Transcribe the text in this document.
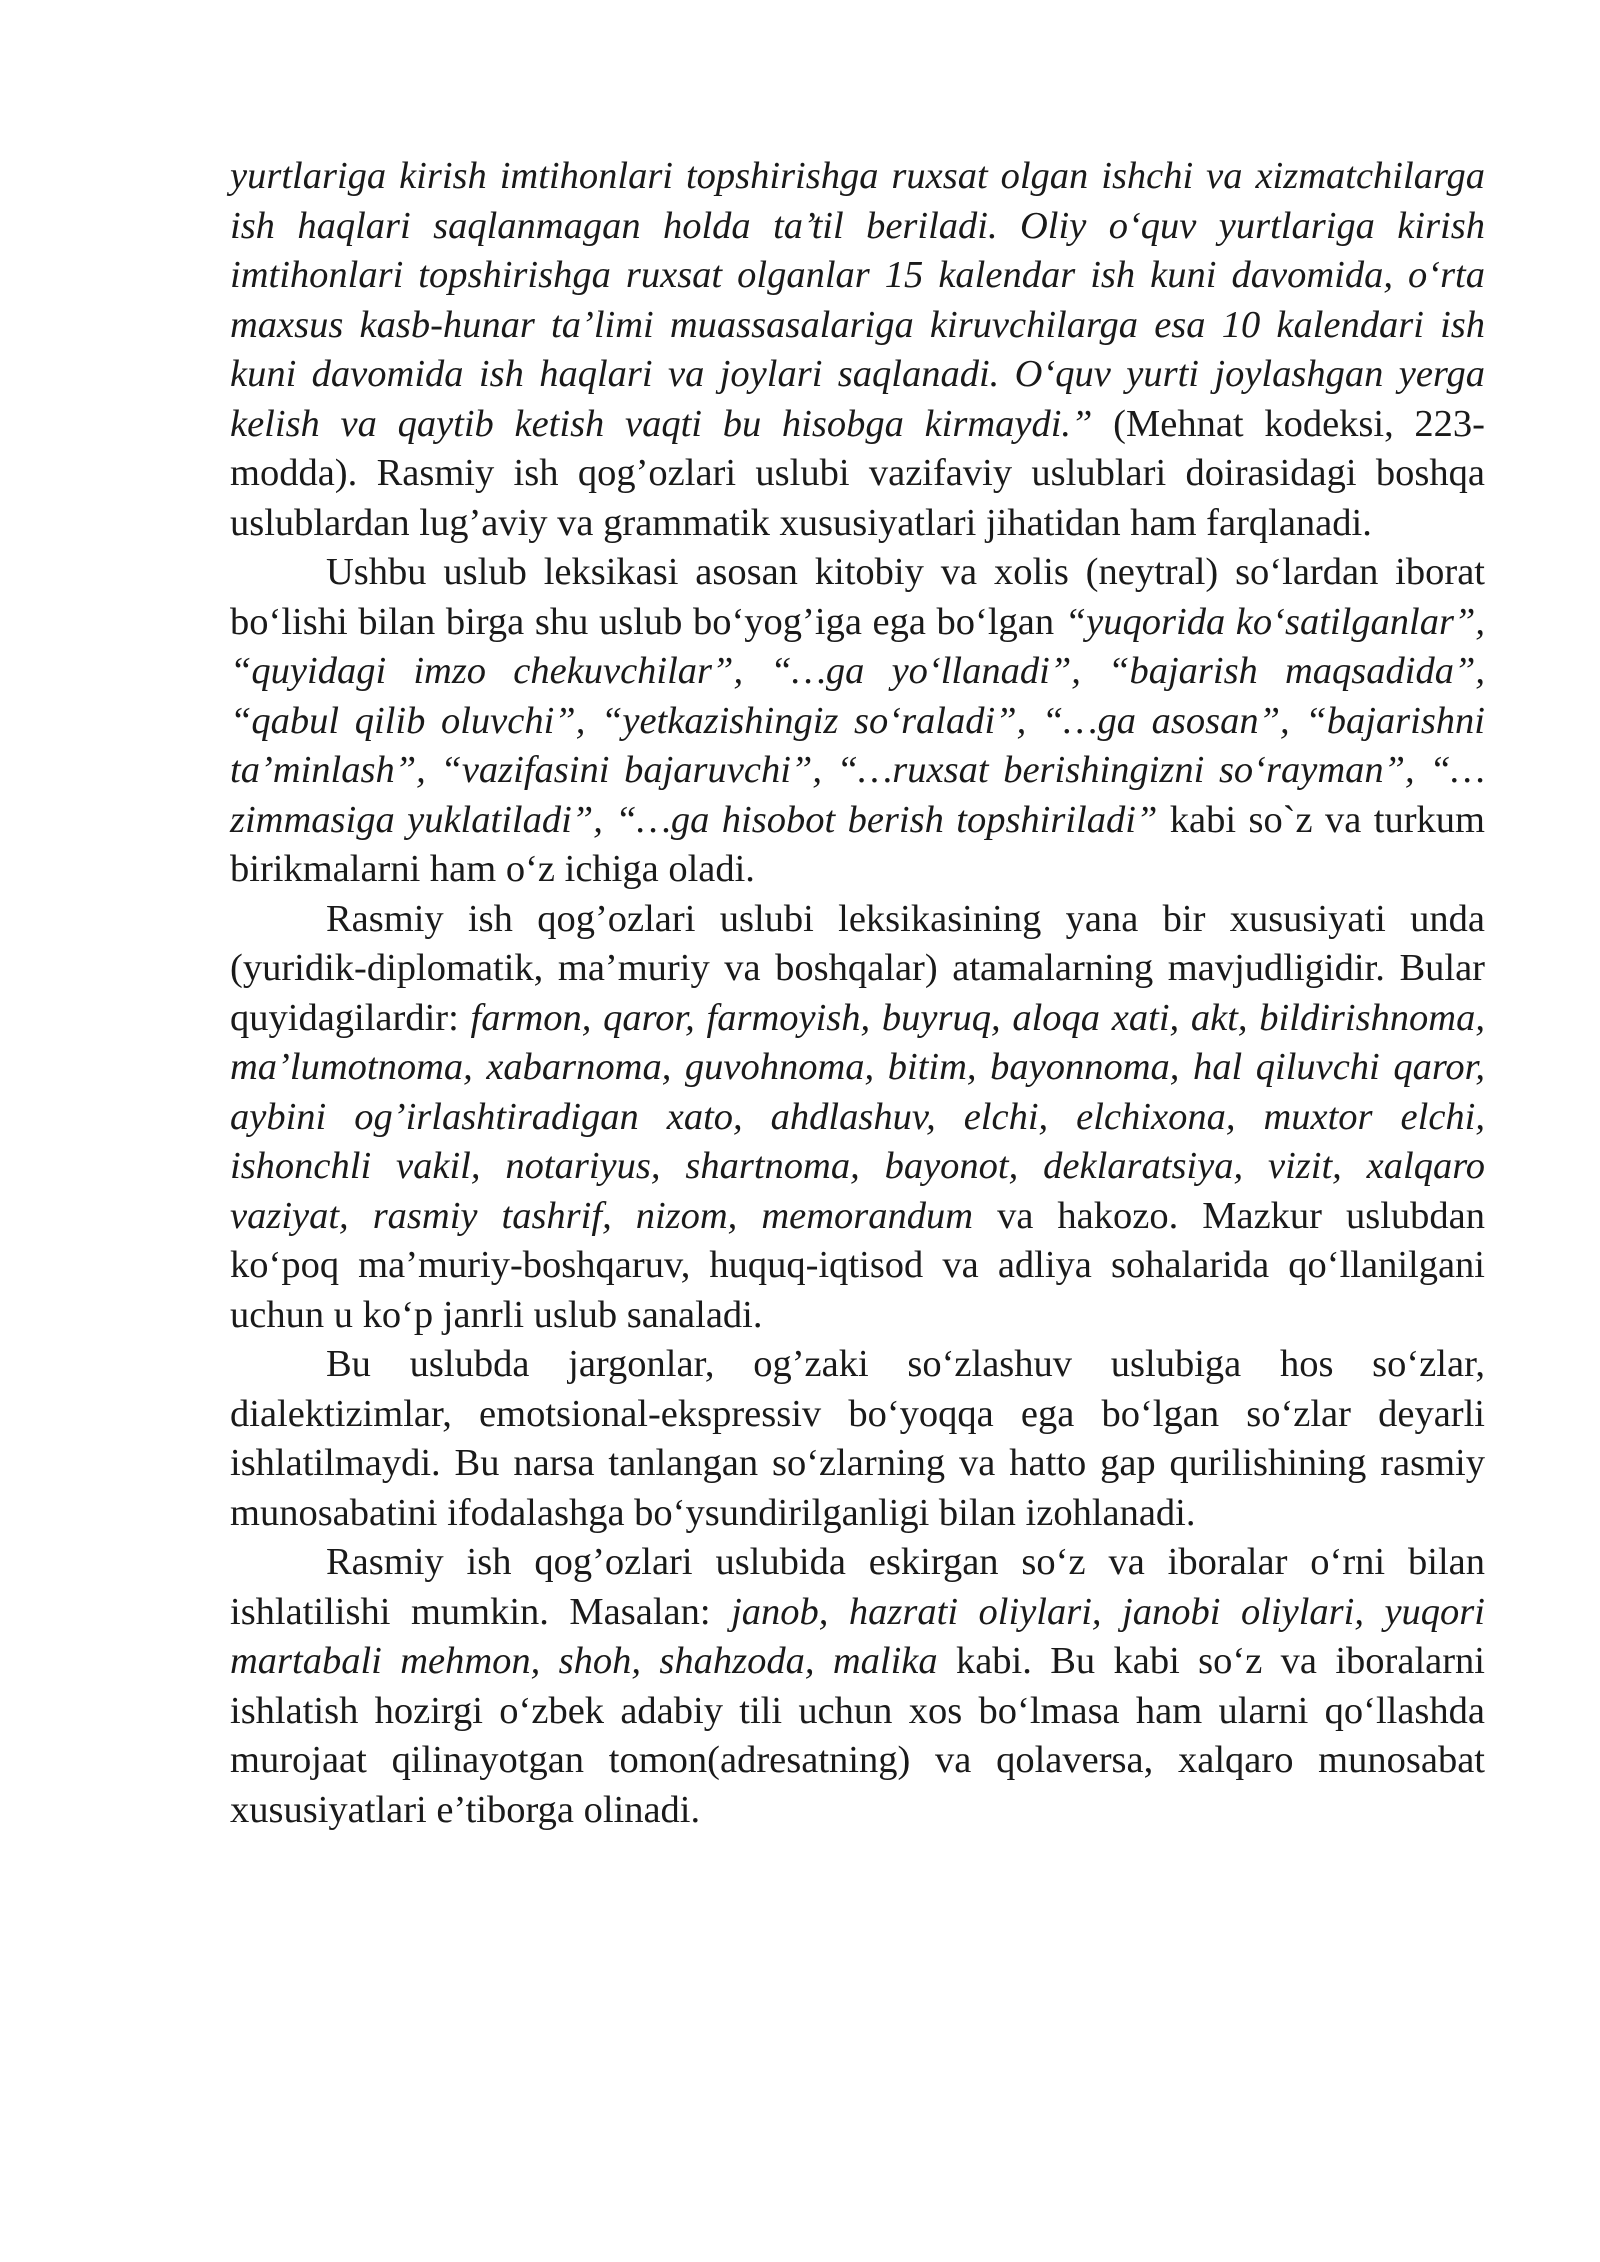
yurtlariga kirish imtihonlari topshirishga ruxsat olgan ishchi va xizmatchilarga ish haqlari saqlanmagan holda ta’til beriladi. Oliy o‘quv yurtlariga kirish imtihonlari topshirishga ruxsat olganlar 15 kalendar ish kuni davomida, o‘rta maxsus kasb-hunar ta’limi muassasalariga kiruvchilarga esa 10 kalendari ish kuni davomida ish haqlari va joylari saqlanadi. O‘quv yurti joylashgan yerga kelish va qaytib ketish vaqti bu hisobga kirmaydi.” (Mehnat kodeksi, 223-modda). Rasmiy ish qog’ozlari uslubi vazifaviy uslublari doirasidagi boshqa uslublardan lug’aviy va grammatik xususiyatlari jihatidan ham farqlanadi.

Ushbu uslub leksikasi asosan kitobiy va xolis (neytral) so‘lardan iborat bo‘lishi bilan birga shu uslub bo‘yog’iga ega bo‘lgan “yuqorida ko‘satilganlar”, “quyidagi imzo chekuvchilar”, “…ga yo‘llanadi”, “bajarish maqsadida”, “qabul qilib oluvchi”, “yetkazishingiz so‘raladi”, “…ga asosan”, “bajarishni ta’minlash”, “vazifasini bajaruvchi”, “…ruxsat berishingizni so‘rayman”, “…zimmasiga yuklatiladi”, “…ga hisobot berish topshiriladi” kabi so`z va turkum birikmalarni ham o‘z ichiga oladi.

Rasmiy ish qog’ozlari uslubi leksikasining yana bir xususiyati unda (yuridik-diplomatik, ma’muriy va boshqalar) atamalarning mavjudligidir. Bular quyidagilardir: farmon, qaror, farmoyish, buyruq, aloqa xati, akt, bildirishnoma, ma’lumotnoma, xabarnoma, guvohnoma, bitim, bayonnoma, hal qiluvchi qaror, aybini og’irlashtiradigan xato, ahdlashuv, elchi, elchixona, muxtor elchi, ishonchli vakil, notariyus, shartnoma, bayonot, deklaratsiya, vizit, xalqaro vaziyat, rasmiy tashrif, nizom, memorandum va hakozo. Mazkur uslubdan ko‘poq ma’muriy-boshqaruv, huquq-iqtisod va adliya sohalarida qo‘llanilgani uchun u ko‘p janrli uslub sanaladi.

Bu uslubda jargonlar, og’zaki so‘zlashuv uslubiga hos so‘zlar, dialektizimlar, emotsional-ekspressiv bo‘yoqqa ega bo‘lgan so‘zlar deyarli ishlatilmaydi. Bu narsa tanlangan so‘zlarning va hatto gap qurilishining rasmiy munosabatini ifodalashga bo‘ysundirilganligi bilan izohlanadi.

Rasmiy ish qog’ozlari uslubida eskirgan so‘z va iboralar o‘rni bilan ishlatilishi mumkin. Masalan: janob, hazrati oliylari, janobi oliylari, yuqori martabali mehmon, shoh, shahzoda, malika kabi. Bu kabi so‘z va iboralarni ishlatish hozirgi o‘zbek adabiy tili uchun xos bo‘lmasa ham ularni qo‘llashda murojaat qilinayotgan tomon(adresatning) va qolaversa, xalqaro munosabat xususiyatlari e’tiborga olinadi.
